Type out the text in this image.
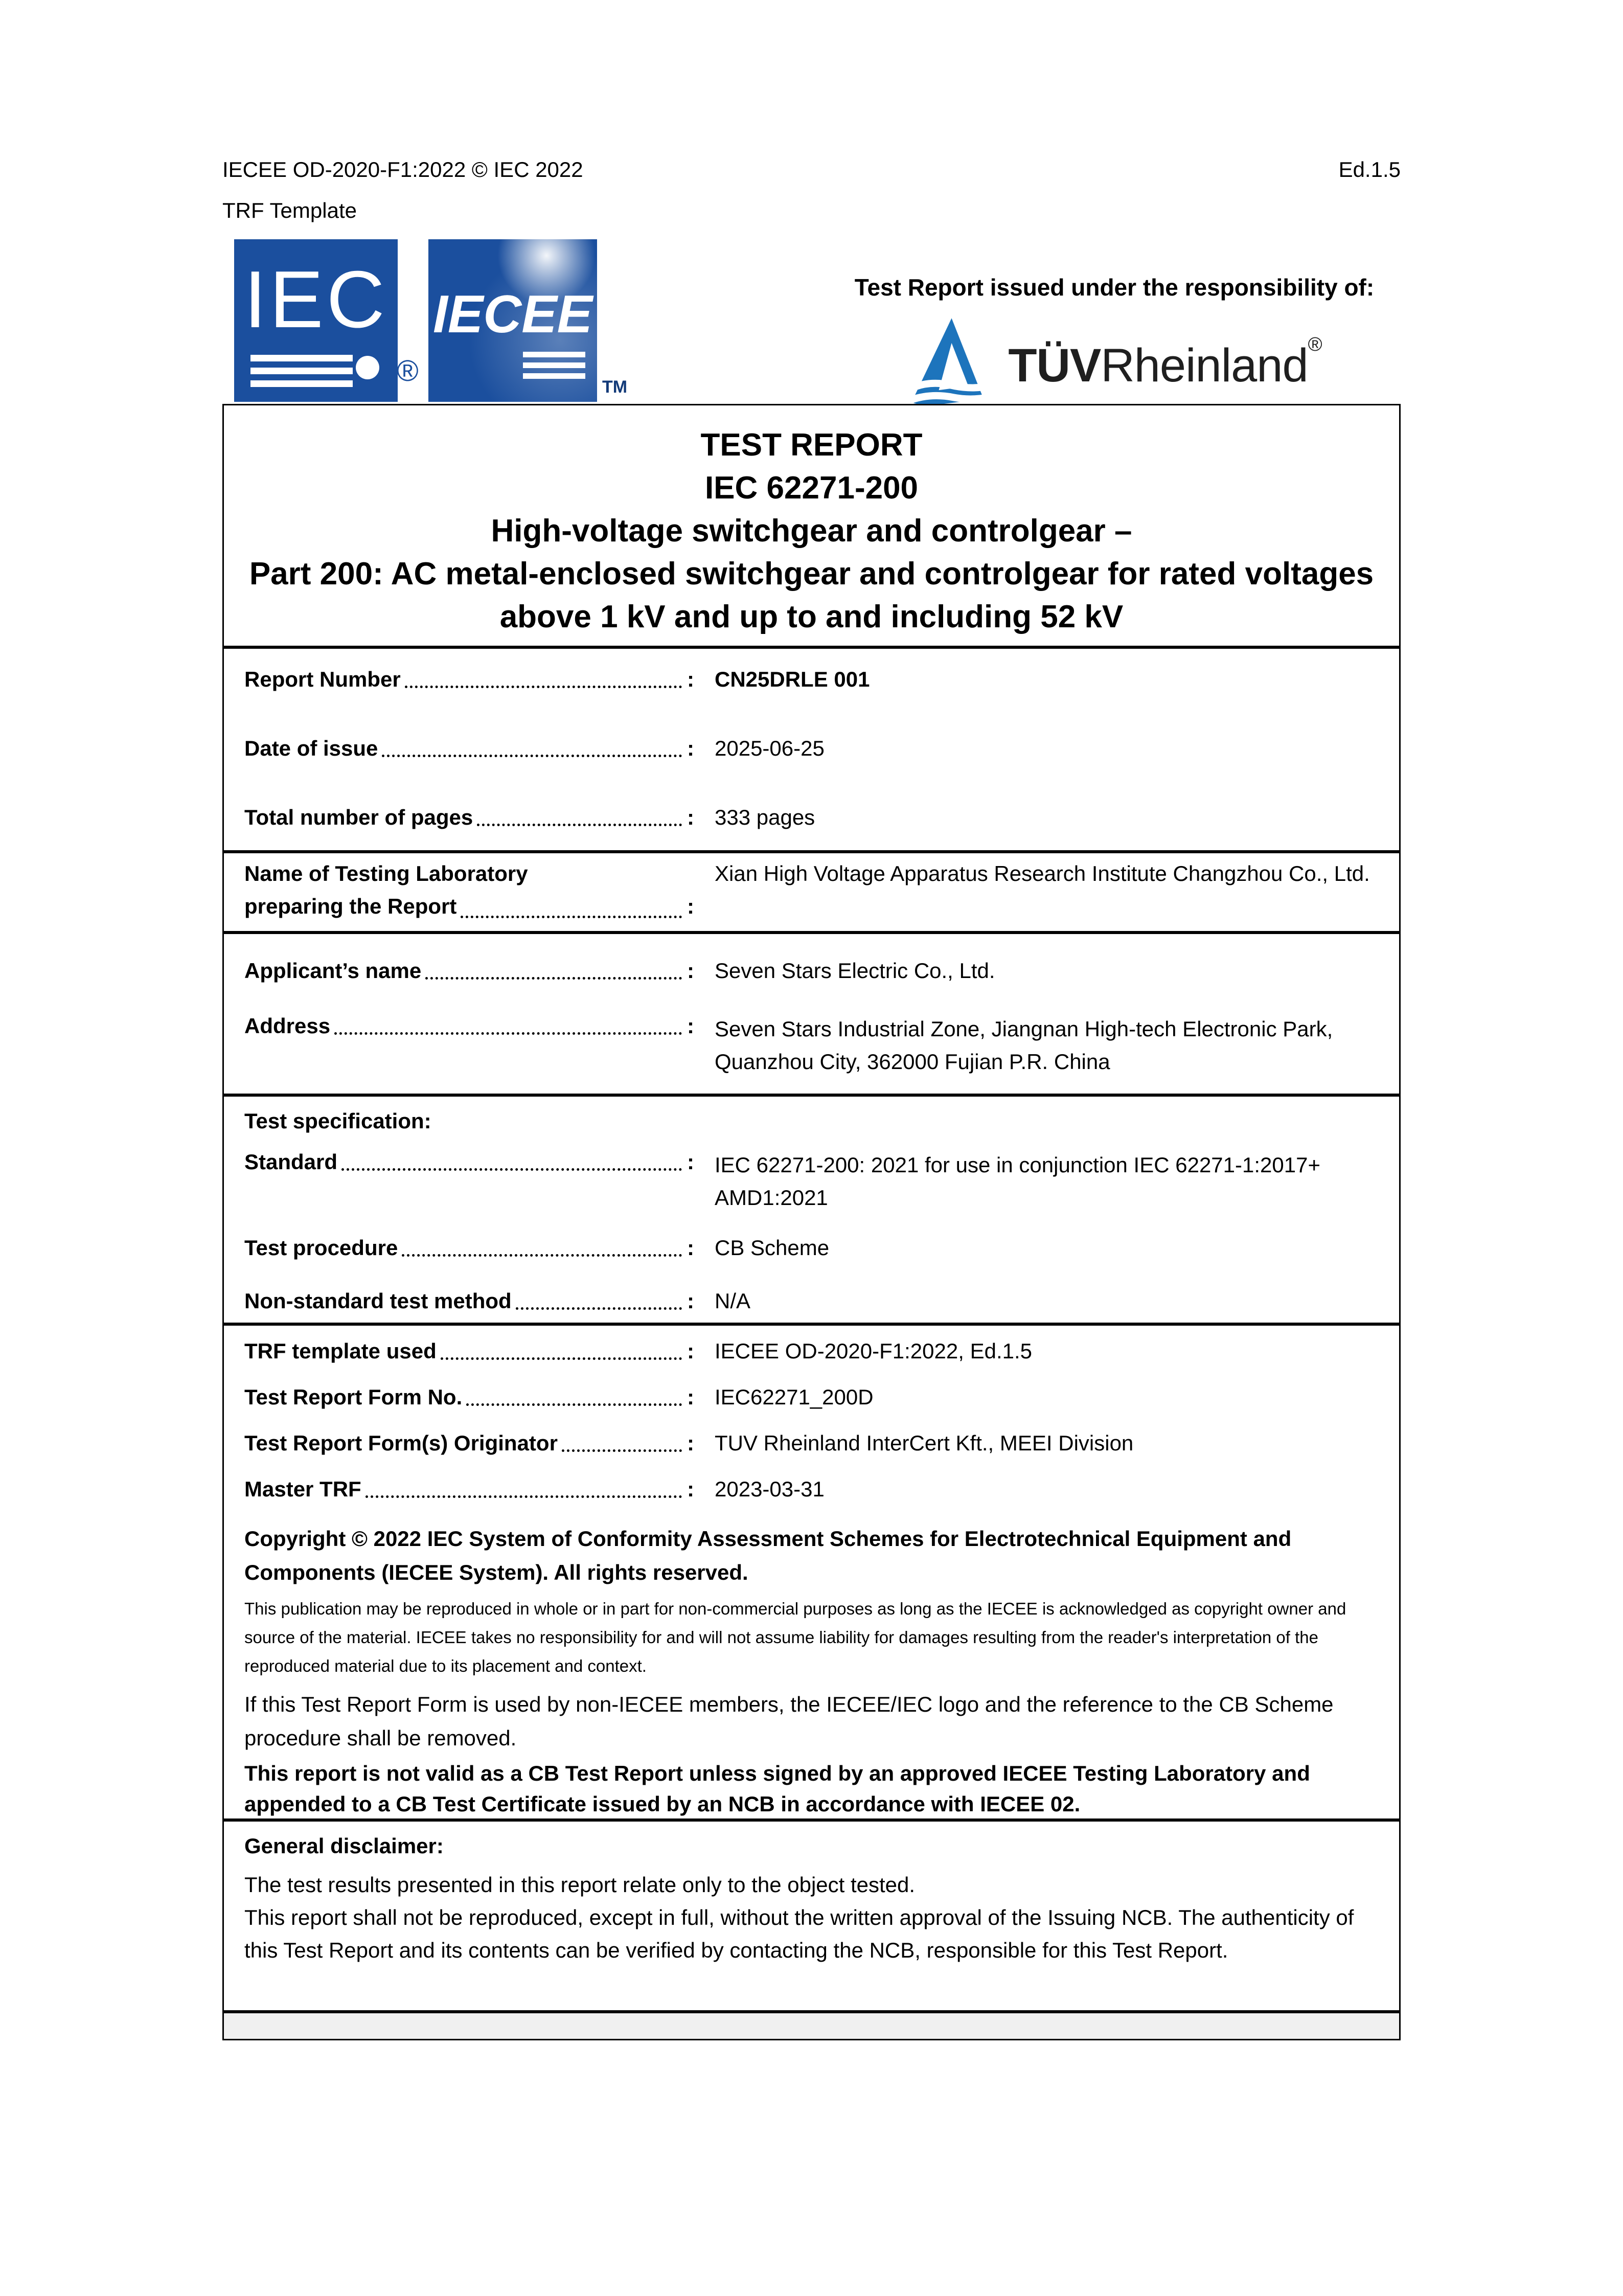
IECEE OD-2020-F1:2022 © IEC 2022
TRF Template
Ed.1.5
IEC
®
IECEE
TM
Test Report issued under the responsibility of:
TÜVRheinland®
TEST REPORT
IEC 62271-200
High-voltage switchgear and controlgear –
Part 200: AC metal-enclosed switchgear and controlgear for rated voltages above 1 kV and up to and including 52 kV
Report Number	: CN25DRLE 001
Date of issue	: 2025-06-25
Total number of pages	: 333 pages
Name of Testing Laboratory
preparing the Report	:
Xian High Voltage Apparatus Research Institute Changzhou Co., Ltd.
Applicant’s name	: Seven Stars Electric Co., Ltd.
Address	: Seven Stars Industrial Zone, Jiangnan High-tech Electronic Park, Quanzhou City, 362000 Fujian P.R. China
Test specification:
Standard	: IEC 62271-200: 2021 for use in conjunction IEC 62271-1:2017+ AMD1:2021
Test procedure	: CB Scheme
Non-standard test method	: N/A
TRF template used	: IECEE OD-2020-F1:2022, Ed.1.5
Test Report Form No.	: IEC62271_200D
Test Report Form(s) Originator	: TUV Rheinland InterCert Kft., MEEI Division
Master TRF	: 2023-03-31
Copyright © 2022 IEC System of Conformity Assessment Schemes for Electrotechnical Equipment and Components (IECEE System). All rights reserved.
This publication may be reproduced in whole or in part for non-commercial purposes as long as the IECEE is acknowledged as copyright owner and source of the material. IECEE takes no responsibility for and will not assume liability for damages resulting from the reader's interpretation of the reproduced material due to its placement and context.
If this Test Report Form is used by non-IECEE members, the IECEE/IEC logo and the reference to the CB Scheme procedure shall be removed.
This report is not valid as a CB Test Report unless signed by an approved IECEE Testing Laboratory and appended to a CB Test Certificate issued by an NCB in accordance with IECEE 02.
General disclaimer:
The test results presented in this report relate only to the object tested.
This report shall not be reproduced, except in full, without the written approval of the Issuing NCB. The authenticity of this Test Report and its contents can be verified by contacting the NCB, responsible for this Test Report.
